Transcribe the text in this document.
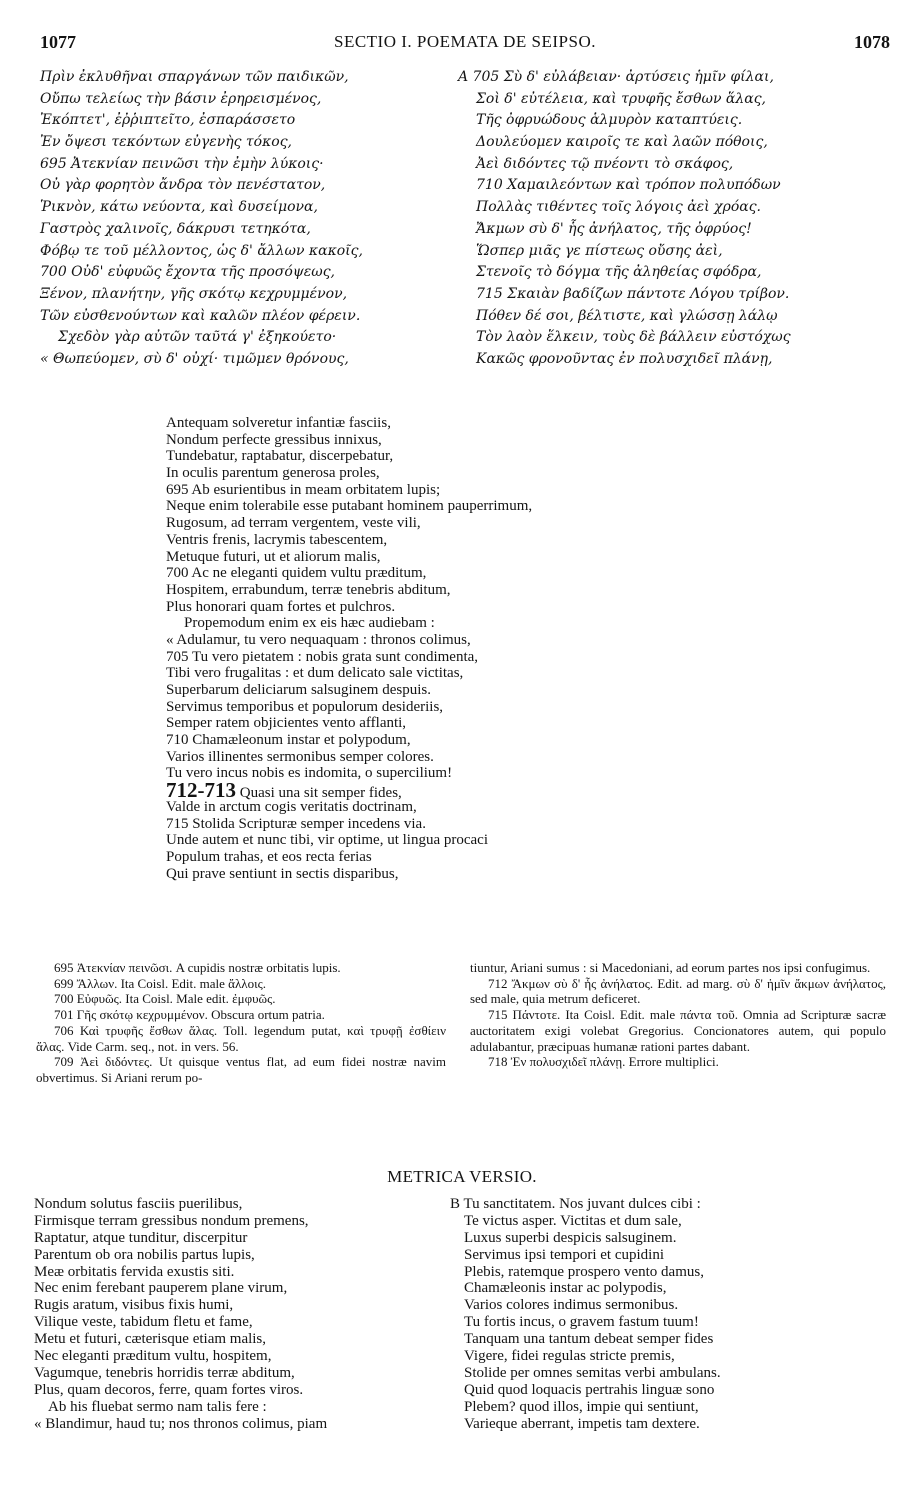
1077	SECTIO I. POEMATA DE SEIPSO.	1078
Πρὶν ἐκλυθῆναι σπαργάνων τῶν παιδικῶν,
Οὔπω τελείως τὴν βάσιν ἐρηρεισμένος,
Ἐκόπτετ', ἐῤῥιπτεῖτο, ἐσπαράσσετο
Ἐν ὄψεσι τεκόντων εὐγενὴς τόκος,
695 Ἀτεκνίαν πεινῶσι τὴν ἐμὴν λύκοις·
Οὐ γὰρ φορητὸν ἄνδρα τὸν πενέστατον,
Ῥικνὸν, κάτω νεύοντα, καὶ δυσείμονα,
Γαστρὸς χαλινοῖς, δάκρυσι τετηκότα,
Φόβῳ τε τοῦ μέλλοντος, ὡς δ' ἄλλων κακοῖς,
700 Οὐδ' εὐφυῶς ἔχοντα τῆς προσόψεως,
Ξένον, πλανήτην, γῆς σκότῳ κεχρυμμένον,
Τῶν εὐσθενούντων καὶ καλῶν πλέον φέρειν.
Σχεδὸν γὰρ αὐτῶν ταῦτά γ' ἐξηκούετο·
« Θωπεύομεν, σὺ δ' οὐχί· τιμῶμεν θρόνους,
A 705 Σὺ δ' εὐλάβειαν· ἀρτύσεις ἡμῖν φίλαι,
Σοὶ δ' εὐτέλεια, καὶ τρυφῆς ἔσθων ἅλας,
Τῆς ὀφρυώδους ἁλμυρὸν καταπτύεις.
Δουλεύομεν καιροῖς τε καὶ λαῶν πόθοις,
Ἀεὶ διδόντες τῷ πνέοντι τὸ σκάφος,
710 Χαμαιλεόντων καὶ τρόπον πολυπόδων
Πολλὰς τιθέντες τοῖς λόγοις ἀεὶ χρόας.
Ἄκμων σὺ δ' ἧς ἀνήλατος, τῆς ὀφρύος!
Ὥσπερ μιᾶς γε πίστεως οὔσης ἀεὶ,
Στενοῖς τὸ δόγμα τῆς ἀληθείας σφόδρα,
715 Σκαιὰν βαδίζων πάντοτε Λόγου τρίβον.
Πόθεν δέ σοι, βέλτιστε, καὶ γλώσσῃ λάλῳ
Τὸν λαὸν ἕλκειν, τοὺς δὲ βάλλειν εὐστόχως
Κακῶς φρονοῦντας ἐν πολυσχιδεῖ πλάνῃ,
Antequam solveretur infantiæ fasciis,
Nondum perfecte gressibus innixus,
Tundebatur, raptabatur, discerpebatur,
In oculis parentum generosa proles,
695 Ab esurientibus in meam orbitatem lupis;
Neque enim tolerabile esse putabant hominem pauperrimum,
Rugosum, ad terram vergentem, veste vili,
Ventris frenis, lacrymis tabescentem,
Metuque futuri, ut et aliorum malis,
700 Ac ne eleganti quidem vultu præditum,
Hospitem, errabundum, terræ tenebris abditum,
Plus honorari quam fortes et pulchros.
Propemodum enim ex eis hæc audiebam :
« Adulamur, tu vero nequaquam : thronos colimus,
705 Tu vero pietatem : nobis grata sunt condimenta,
Tibi vero frugalitas : et dum delicato sale victitas,
Superbarum deliciarum salsuginem despuis.
Servimus temporibus et populorum desideriis,
Semper ratem objicientes vento afflanti,
710 Chamæleonum instar et polypodum,
Varios illinentes sermonibus semper colores.
Tu vero incus nobis es indomita, o supercilium!
712-713 Quasi una sit semper fides,
Valde in arctum cogis veritatis doctrinam,
715 Stolida Scripturæ semper incedens via.
Unde autem et nunc tibi, vir optime, ut lingua procaci
Populum trahas, et eos recta ferias
Qui prave sentiunt in sectis disparibus,

695 Ἀτεκνίαν πεινῶσι. A cupidis nostræ orbitatis lupis.

699 Ἄλλων. Ita Coisl. Edit. male ἄλλοις.

700 Εὐφυῶς. Ita Coisl. Male edit. ἐμφυῶς.

701 Γῆς σκότῳ κεχρυμμένον. Obscura ortum patria.

706 Καὶ τρυφῆς ἔσθων ἅλας. Toll. legendum putat, καὶ τρυφῇ ἐσθίειν ἅλας. Vide Carm. seq., not. in vers. 56.

709 Ἀεὶ διδόντες. Ut quisque ventus flat, ad eum fidei nostræ navim obvertimus. Si Ariani rerum po-

tiuntur, Ariani sumus : si Macedoniani, ad eorum partes nos ipsi confugimus.

712 Ἄκμων σὺ δ' ἧς ἀνήλατος. Edit. ad marg. σὺ δ' ἡμῖν ἄκμων ἀνήλατος, sed male, quia metrum deficeret.

715 Πάντοτε. Ita Coisl. Edit. male πάντα τοῦ. Omnia ad Scripturæ sacræ auctoritatem exigi volebat Gregorius. Concionatores autem, qui populo adulabantur, præcipuas humanæ rationi partes dabant.

718 Ἐν πολυσχιδεῖ πλάνῃ. Errore multiplici.

METRICA VERSIO.
Nondum solutus fasciis puerilibus,
Firmisque terram gressibus nondum premens,
Raptatur, atque tunditur, discerpitur
Parentum ob ora nobilis partus lupis,
Meæ orbitatis fervida exustis siti.
Nec enim ferebant pauperem plane virum,
Rugis aratum, visibus fixis humi,
Vilique veste, tabidum fletu et fame,
Metu et futuri, cæterisque etiam malis,
Nec eleganti præditum vultu, hospitem,
Vagumque, tenebris horridis terræ abditum,
Plus, quam decoros, ferre, quam fortes viros.
Ab his fluebat sermo nam talis fere :
« Blandimur, haud tu; nos thronos colimus, piam
B Tu sanctitatem. Nos juvant dulces cibi :
Te victus asper. Victitas et dum sale,
Luxus superbi despicis salsuginem.
Servimus ipsi tempori et cupidini
Plebis, ratemque prospero vento damus,
Chamæleonis instar ac polypodis,
Varios colores indimus sermonibus.
Tu fortis incus, o gravem fastum tuum!
Tanquam una tantum debeat semper fides
Vigere, fidei regulas stricte premis,
Stolide per omnes semitas verbi ambulans.
Quid quod loquacis pertrahis linguæ sono
Plebem? quod illos, impie qui sentiunt,
Varieque aberrant, impetis tam dextere.
